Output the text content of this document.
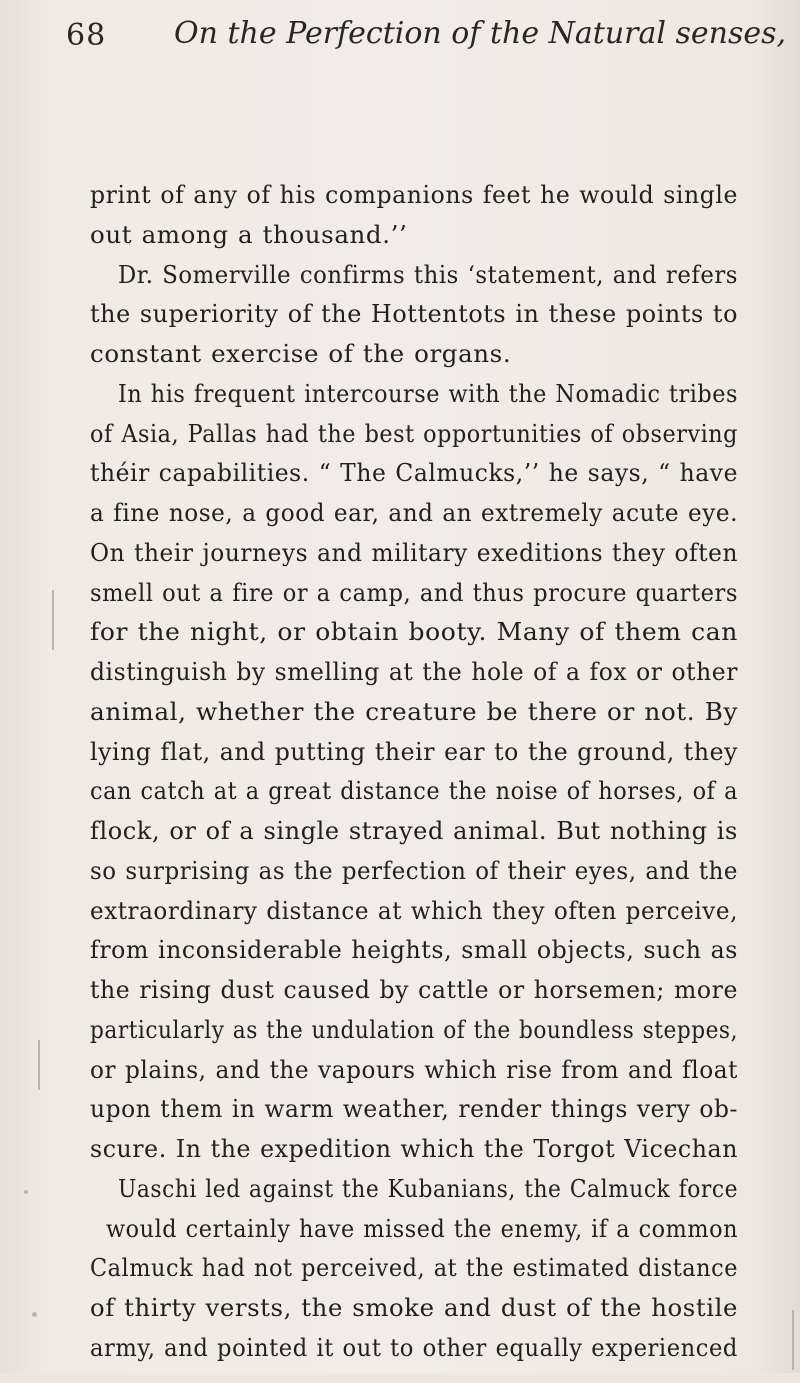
68 On the Perfection of the Natural senses,
print of any of his companions feet he would single
out among a thousand.’’
Dr. Somerville confirms this ‘statement, and refers
the superiority of the Hottentots in these points to
constant exercise of the organs.
In his frequent intercourse with the Nomadic tribes
of Asia, Pallas had the best opportunities of observing
théir capabilities. “ The Calmucks,’’ he says, “ have
a fine nose, a good ear, and an extremely acute eye.
On their journeys and military exeditions they often
smell out a fire or a camp, and thus procure quarters
for the night, or obtain booty. Many of them can
distinguish by smelling at the hole of a fox or other
animal, whether the creature be there or not. By
lying flat, and putting their ear to the ground, they
can catch at a great distance the noise of horses, of a
flock, or of a single strayed animal. But nothing is
so surprising as the perfection of their eyes, and the
extraordinary distance at which they often perceive,
from inconsiderable heights, small objects, such as
the rising dust caused by cattle or horsemen; more
particularly as the undulation of the boundless steppes,
or plains, and the vapours which rise from and float
upon them in warm weather, render things very ob-
scure. In the expedition which the Torgot Vicechan
Uaschi led against the Kubanians, the Calmuck force
would certainly have missed the enemy, if a common
Calmuck had not perceived, at the estimated distance
of thirty versts, the smoke and dust of the hostile
army, and pointed it out to other equally experienced
